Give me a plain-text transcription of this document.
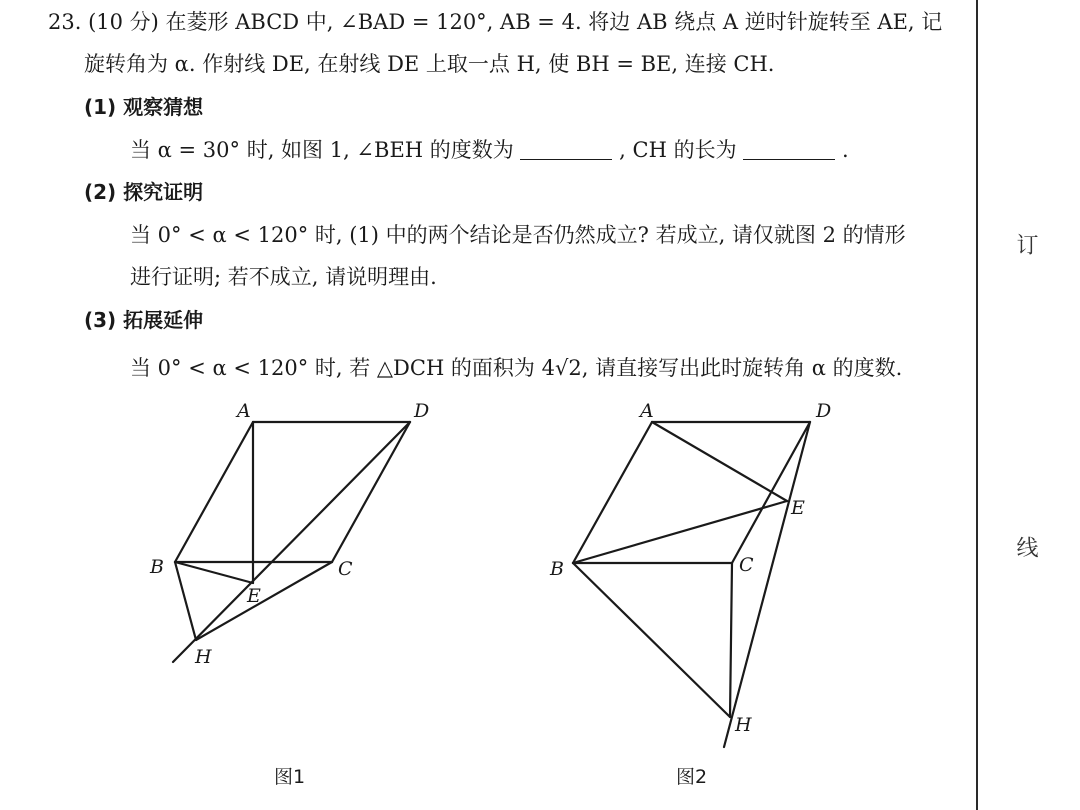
订
线
23. (10 分) 在菱形 ABCD 中, ∠BAD = 120°, AB = 4. 将边 AB 绕点 A 逆时针旋转至 AE, 记
旋转角为 α. 作射线 DE, 在射线 DE 上取一点 H, 使 BH = BE, 连接 CH.
(1) 观察猜想
当 α = 30° 时, 如图 1, ∠BEH 的度数为	, CH 的长为	.
(2) 探究证明
当 0° < α < 120° 时, (1) 中的两个结论是否仍然成立? 若成立, 请仅就图 2 的情形
进行证明; 若不成立, 请说明理由.
(3) 拓展延伸
当 0° < α < 120° 时, 若 △DCH 的面积为 4√2, 请直接写出此时旋转角 α 的度数.
A	D
B	C
E
H
图1
A	D
B	C
E
H
图2
